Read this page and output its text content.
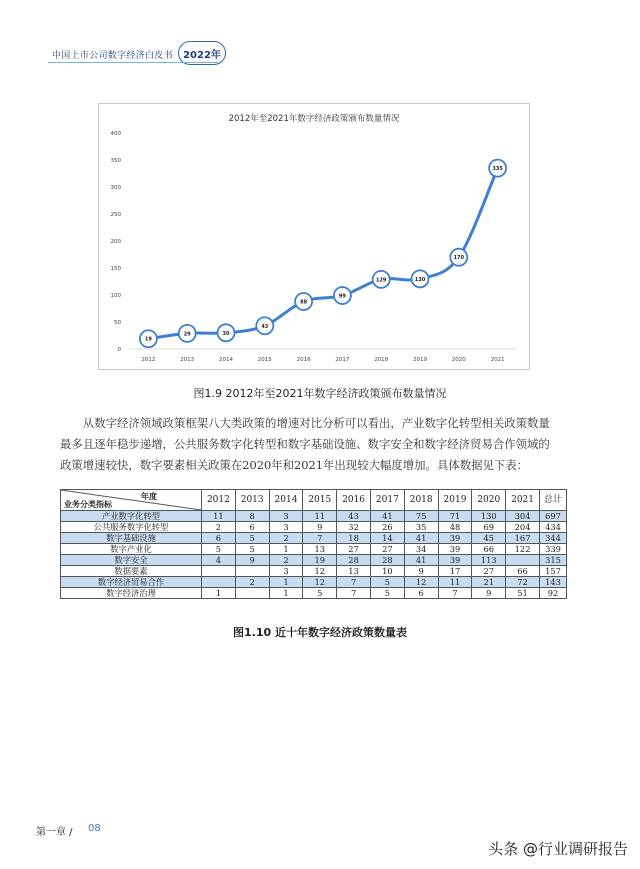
中国上市公司数字经济白皮书	2022年
2012年至2021年数字经济政策颁布数量情况
0
50
100
150
200
250
300
350
400
2012	2013	2014	2015	2016	2017	2018	2019	2020	2021
19
29	30
43
88
99
129	130
170
335
图1.9 2012年至2021年数字经济政策颁布数量情况
从数字经济领域政策框架八大类政策的增速对比分析可以看出，产业数字化转型相关政策数量
最多且逐年稳步递增，公共服务数字化转型和数字基础设施、数字安全和数字经济贸易合作领域的
政策增速较快，数字要素相关政策在2020年和2021年出现较大幅度增加。具体数据见下表：
年度
业务分类指标	2012	2013	2014	2015	2016	2017	2018	2019	2020	2021	总计
产业数字化转型	11	8	3	11	43	41	75	71	130	304	697
公共服务数字化转型	2	6	3	9	32	26	35	48	69	204	434
数字基础设施	6	5	2	7	18	14	41	39	45	167	344
数字产业化	5	5	1	13	27	27	34	39	66	122	339
数字安全	4	9	2	19	28	28	41	39	113		315
数据要素			3	12	13	10	9	17	27	66	157
数字经济贸易合作		2	1	12	7	5	12	11	21	72	143
数字经济治理	1		1	5	7	5	6	7	9	51	92
图1.10 近十年数字经济政策数量表
第一章 / 08
头条 @行业调研报告
